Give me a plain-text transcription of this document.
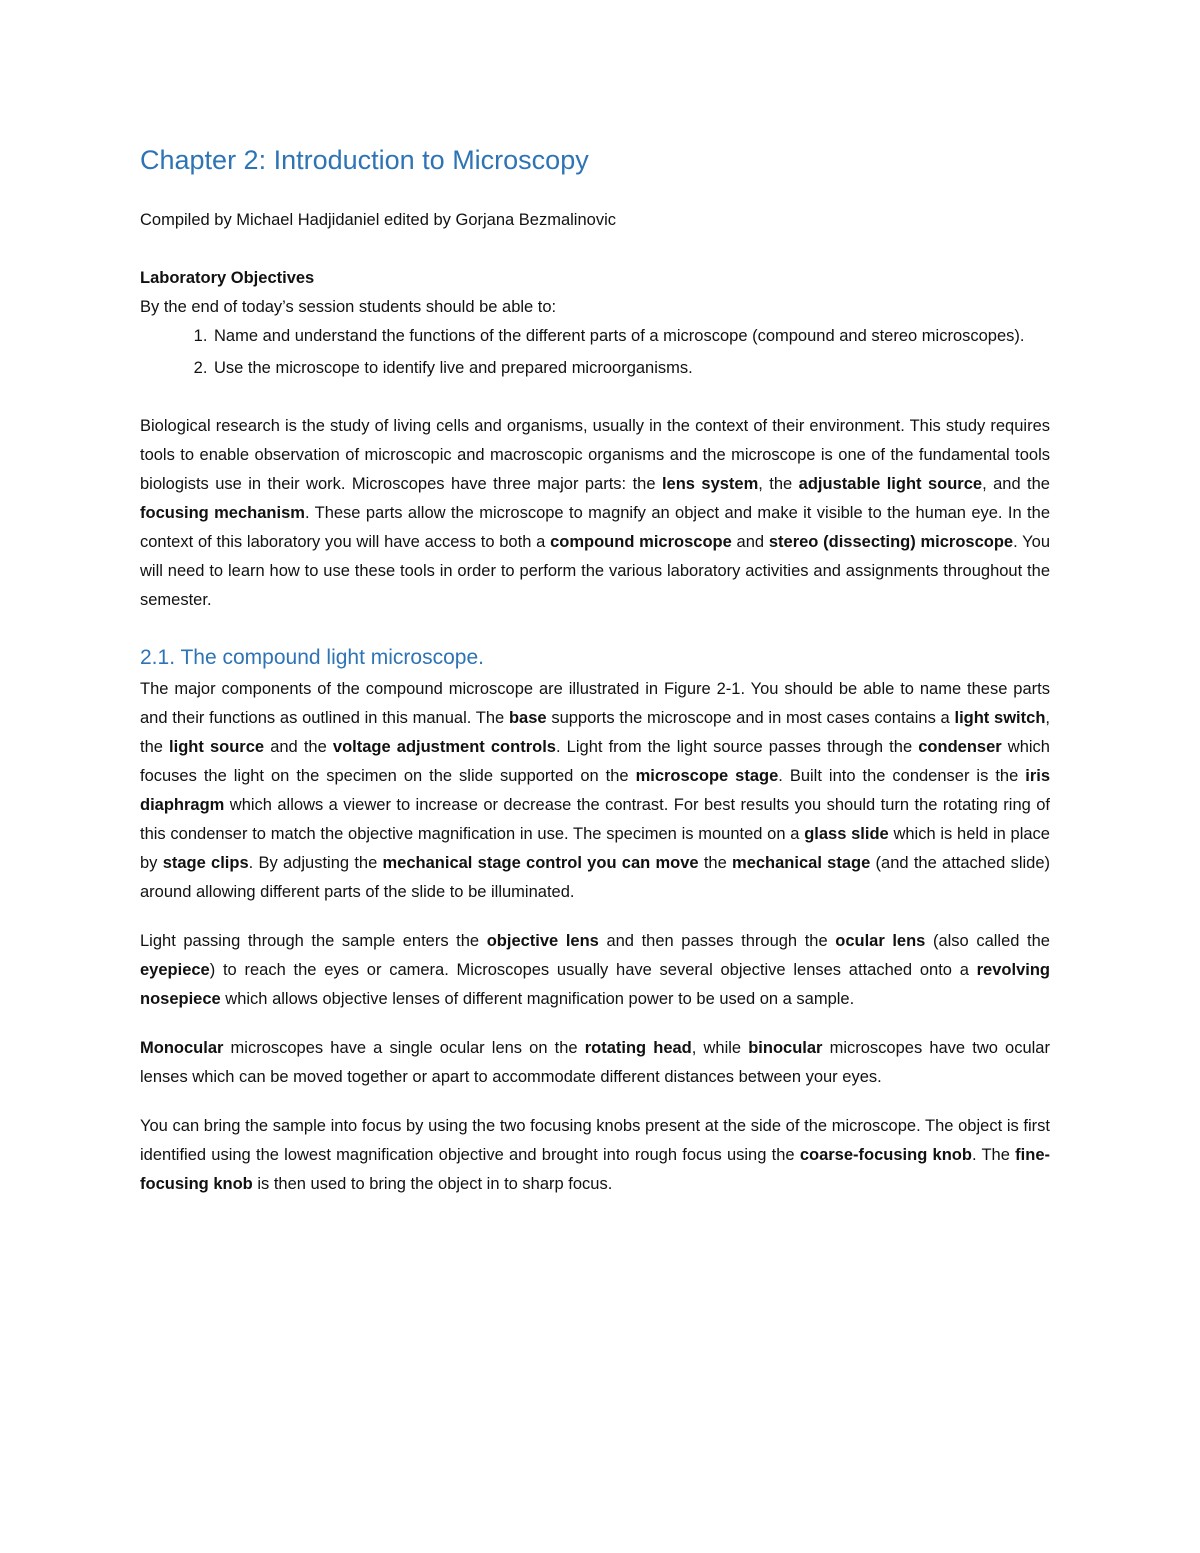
Chapter 2: Introduction to Microscopy

Compiled by Michael Hadjidaniel edited by Gorjana Bezmalinovic

Laboratory Objectives

By the end of today’s session students should be able to:

1. Name and understand the functions of the different parts of a microscope (compound and stereo microscopes).
2. Use the microscope to identify live and prepared microorganisms.

Biological research is the study of living cells and organisms, usually in the context of their environment. This study requires tools to enable observation of microscopic and macroscopic organisms and the microscope is one of the fundamental tools biologists use in their work. Microscopes have three major parts: the lens system, the adjustable light source, and the focusing mechanism. These parts allow the microscope to magnify an object and make it visible to the human eye. In the context of this laboratory you will have access to both a compound microscope and stereo (dissecting) microscope. You will need to learn how to use these tools in order to perform the various laboratory activities and assignments throughout the semester.

2.1. The compound light microscope.

The major components of the compound microscope are illustrated in Figure 2-1. You should be able to name these parts and their functions as outlined in this manual. The base supports the microscope and in most cases contains a light switch, the light source and the voltage adjustment controls. Light from the light source passes through the condenser which focuses the light on the specimen on the slide supported on the microscope stage. Built into the condenser is the iris diaphragm which allows a viewer to increase or decrease the contrast. For best results you should turn the rotating ring of this condenser to match the objective magnification in use. The specimen is mounted on a glass slide which is held in place by stage clips. By adjusting the mechanical stage control you can move the mechanical stage (and the attached slide) around allowing different parts of the slide to be illuminated.

Light passing through the sample enters the objective lens and then passes through the ocular lens (also called the eyepiece) to reach the eyes or camera. Microscopes usually have several objective lenses attached onto a revolving nosepiece which allows objective lenses of different magnification power to be used on a sample.

Monocular microscopes have a single ocular lens on the rotating head, while binocular microscopes have two ocular lenses which can be moved together or apart to accommodate different distances between your eyes.

You can bring the sample into focus by using the two focusing knobs present at the side of the microscope. The object is first identified using the lowest magnification objective and brought into rough focus using the coarse-focusing knob. The fine-focusing knob is then used to bring the object in to sharp focus.
